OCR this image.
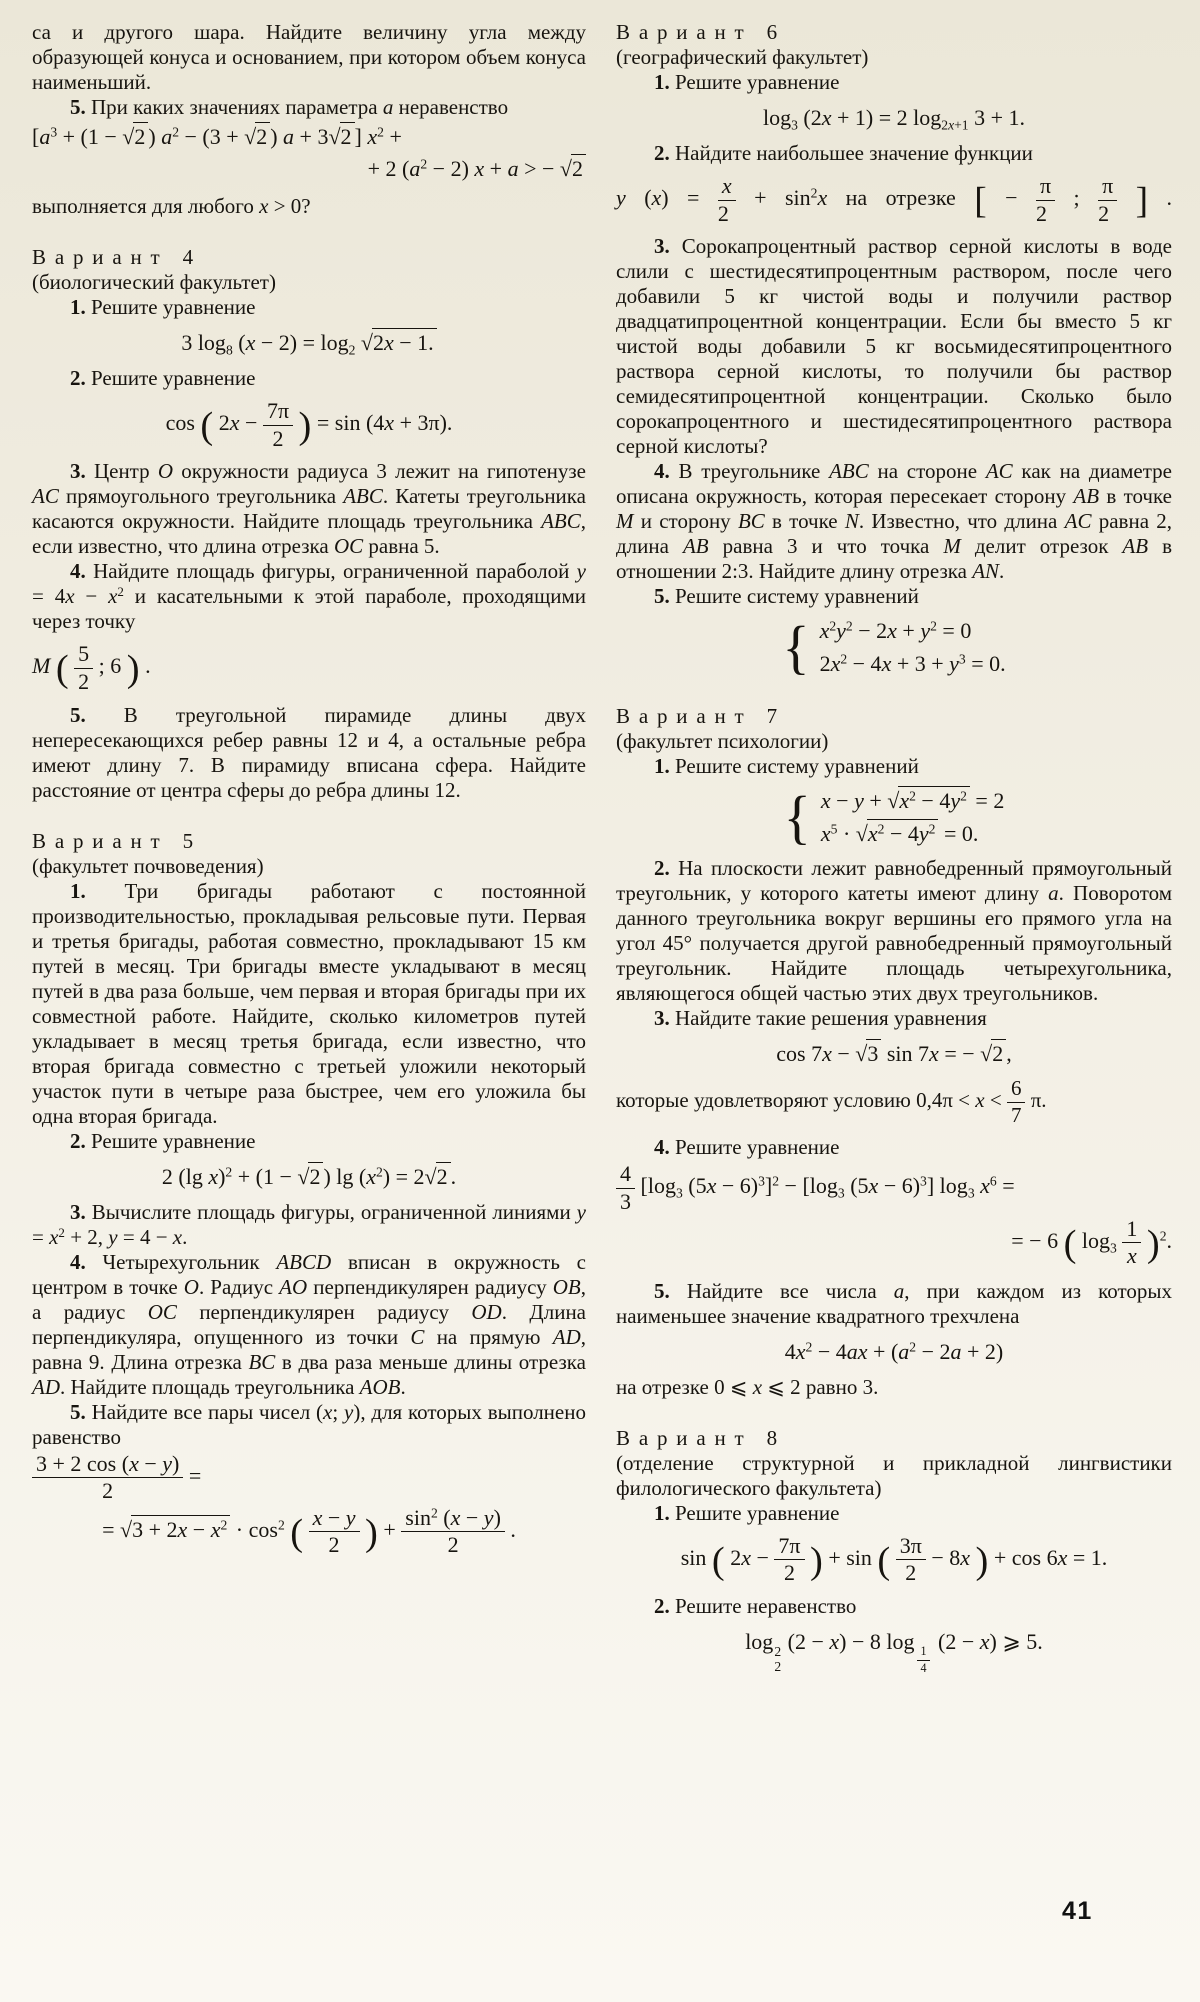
са и другого шара. Найдите величину угла между образующей конуса и основанием, при котором объем конуса наименьший.

5. При каких значениях параметра a неравенство

[$a^3 + (1 - √2$ ) $a^2 - (3 + √2$ ) a + 3√2 ] $x^2$ +
+ 2 $(a^2 - 2) x + a$ > − √2

выполняется для любого x > 0?

Вариант 4

(биологический факультет)

1. Решите уравнение

3 $\log_8 (x - 2) = \log_2 √2x - 1$.

2. Решите уравнение

cos ( $2x - \frac{7\pi}{2}$ ) = sin (4x + 3π).

3. Центр O окружности радиуса 3 лежит на гипотенузе AC прямоугольного треугольника ABC. Катеты треугольника касаются окружности. Найдите площадь треугольника ABC, если известно, что длина отрезка OC равна 5.

4. Найдите площадь фигуры, ограниченной параболой $y = 4x - x^2$ и касательными к этой параболе, проходящими через точку

M ( $\frac{5}{2}$ ; 6 ) .

5. В треугольной пирамиде длины двух непересекающихся ребер равны 12 и 4, а остальные ребра имеют длину 7. В пирамиду вписана сфера. Найдите расстояние от центра сферы до ребра длины 12.

Вариант 5

(факультет почвоведения)

1. Три бригады работают с постоянной производительностью, прокладывая рельсовые пути. Первая и третья бригады, работая совместно, прокладывают 15 км путей в месяц. Три бригады вместе укладывают в месяц путей в два раза больше, чем первая и вторая бригады при их совместной работе. Найдите, сколько километров путей укладывает в месяц третья бригада, если известно, что вторая бригада совместно с третьей уложили некоторый участок пути в четыре раза быстрее, чем его уложила бы одна вторая бригада.

2. Решите уравнение

2 (lg x)$^2$ + (1 − √2 ) $\lg (x^2) = 2√2$ .

3. Вычислите площадь фигуры, ограниченной линиями $y = x^2 + 2$, y = 4 − x.

4. Четырехугольник ABCD вписан в окружность с центром в точке O. Радиус AO перпендикулярен радиусу OB, а радиус OC перпендикулярен радиусу OD. Длина перпендикуляра, опущенного из точки C на прямую AD, равна 9. Длина отрезка BC в два раза меньше длины отрезка AD. Найдите площадь треугольника AOB.

5. Найдите все пары чисел (x; y), для которых выполнено равенство

$\frac{3 + 2 \cos (x - y)}{2}$ =
= $√3 + 2x - x^2 \cdot \cos^2$ ( $\frac{x - y}{2}$ ) + $\frac{\sin^2 (x - y)}{2}$ .

Вариант 6

(географический факультет)

1. Решите уравнение

$\log_3 (2x + 1) = 2$ $\log_{2x+1} 3 + 1$.

2. Найдите наибольшее значение функции

y $(x) = \frac{x}{2} + \sin^2x$ на отрезке [ − $\frac{\pi}{2}$ ; $\frac{\pi}{2}$ ] .

3. Сорокапроцентный раствор серной кислоты в воде слили с шестидесятипроцентным раствором, после чего добавили 5 кг чистой воды и получили раствор двадцатипроцентной концентрации. Если бы вместо 5 кг чистой воды добавили 5 кг восьмидесятипроцентного раствора серной кислоты, то получили бы раствор семидесятипроцентной концентрации. Сколько было сорокапроцентного и шестидесятипроцентного раствора серной кислоты?

4. В треугольнике ABC на стороне AC как на диаметре описана окружность, которая пересекает сторону AB в точке M и сторону BC в точке N. Известно, что длина AC равна 2, длина AB равна 3 и что точка M делит отрезок AB в отношении 2:3. Найдите длину отрезка AN.

5. Решите систему уравнений

{ $x^2y^2 - 2x + y^2 = 0$
$2x^2 - 4x + 3 + y^3 = 0$.

Вариант 7

(факультет психологии)

1. Решите систему уравнений

{ $x - y + √x^2 - 4y^2 = 2$
$x^5 \cdot √x^2 - 4y^2 = 0$.

2. На плоскости лежит равнобедренный прямоугольный треугольник, у которого катеты имеют длину a. Поворотом данного треугольника вокруг вершины его прямого угла на угол 45° получается другой равнобедренный прямоугольный треугольник. Найдите площадь четырехугольника, являющегося общей частью этих двух треугольников.

3. Найдите такие решения уравнения

cos 7x − √3 sin 7x = − √2 ,

которые удовлетворяют условию $0,4\pi < x < \frac{6}{7} \pi$.

4. Решите уравнение

$\frac{4}{3} [\log_3$ $(5x - 6)^3]^2 - [\log_3$ $(5x - 6)^3$] $\log_3 x^6$ =
= − 6 ( $\log_3 \frac{1}{x} )^2$.

5. Найдите все числа a, при каждом из которых наименьшее значение квадратного трехчлена

$4x^2 - 4ax + (a^2 - 2a + 2)$

на отрезке 0 ⩽ x ⩽ 2 равно 3.

Вариант 8

(отделение структурной и прикладной лингвистики филологического факультета)

1. Решите уравнение

sin ( $2x - \frac{7\pi}{2}$ ) + sin ( $\frac{3\pi}{2} - 8x$ ) + cos 6x = 1.

2. Решите неравенство

log 2
2
(2 − x) − 8 log
$\frac{1}{4}$
(2 − x) ⩾ 5.
41
